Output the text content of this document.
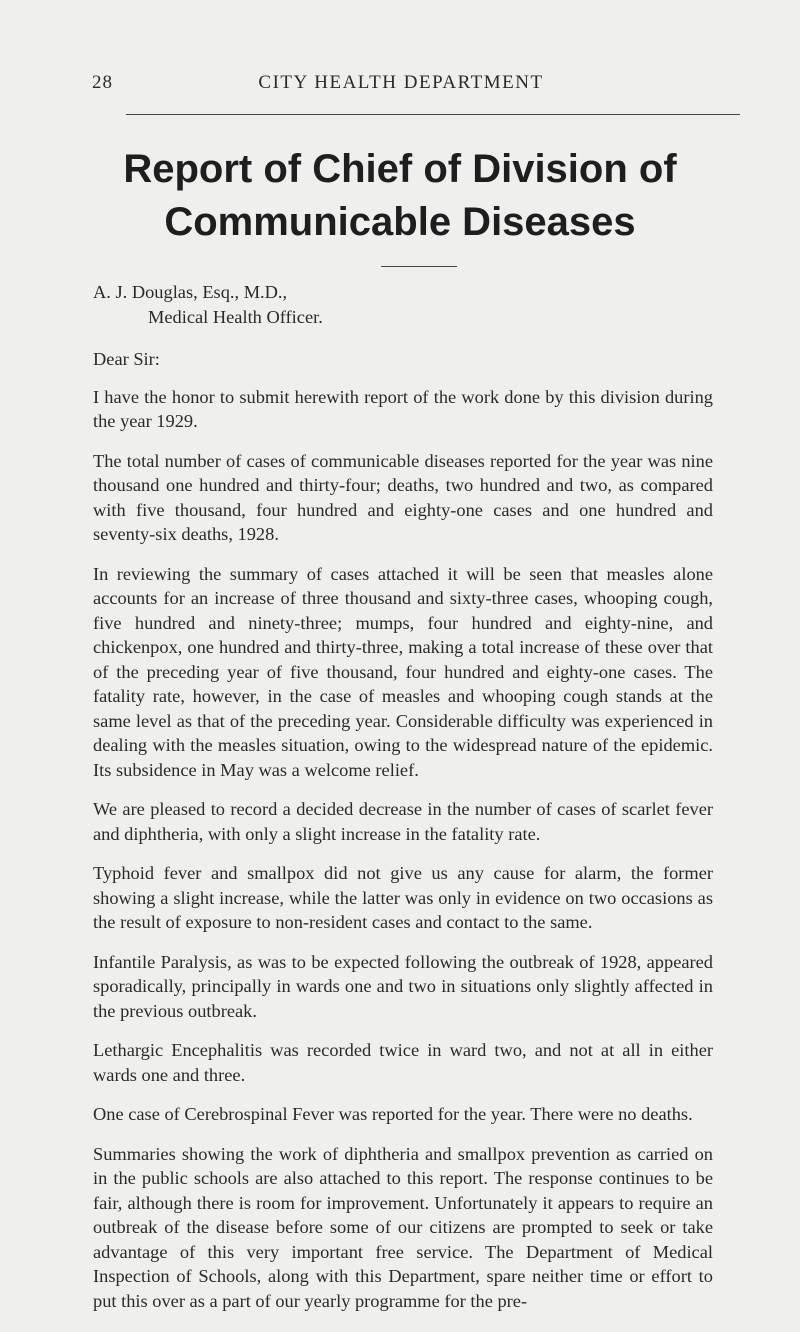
28	CITY HEALTH DEPARTMENT
Report of Chief of Division of
Communicable Diseases

A. J. Douglas, Esq., M.D.,

Medical Health Officer.

Dear Sir:

I have the honor to submit herewith report of the work done by this division during the year 1929.

The total number of cases of communicable diseases reported for the year was nine thousand one hundred and thirty-four; deaths, two hundred and two, as compared with five thousand, four hundred and eighty-one cases and one hundred and seventy-six deaths, 1928.

In reviewing the summary of cases attached it will be seen that measles alone accounts for an increase of three thousand and sixty-three cases, whooping cough, five hundred and ninety-three; mumps, four hundred and eighty-nine, and chickenpox, one hundred and thirty-three, making a total increase of these over that of the preceding year of five thousand, four hundred and eighty-one cases. The fatality rate, however, in the case of measles and whooping cough stands at the same level as that of the preceding year. Considerable difficulty was experienced in dealing with the measles situation, owing to the widespread nature of the epidemic. Its subsidence in May was a welcome relief.

We are pleased to record a decided decrease in the number of cases of scarlet fever and diphtheria, with only a slight increase in the fatality rate.

Typhoid fever and smallpox did not give us any cause for alarm, the former showing a slight increase, while the latter was only in evidence on two occasions as the result of exposure to non-resident cases and contact to the same.

Infantile Paralysis, as was to be expected following the outbreak of 1928, appeared sporadically, principally in wards one and two in situations only slightly affected in the previous outbreak.

Lethargic Encephalitis was recorded twice in ward two, and not at all in either wards one and three.

One case of Cerebrospinal Fever was reported for the year. There were no deaths.

Summaries showing the work of diphtheria and smallpox prevention as carried on in the public schools are also attached to this report. The response continues to be fair, although there is room for improvement. Unfortunately it appears to require an outbreak of the disease before some of our citizens are prompted to seek or take advantage of this very important free service. The Department of Medical Inspection of Schools, along with this Department, spare neither time or effort to put this over as a part of our yearly programme for the pre-
